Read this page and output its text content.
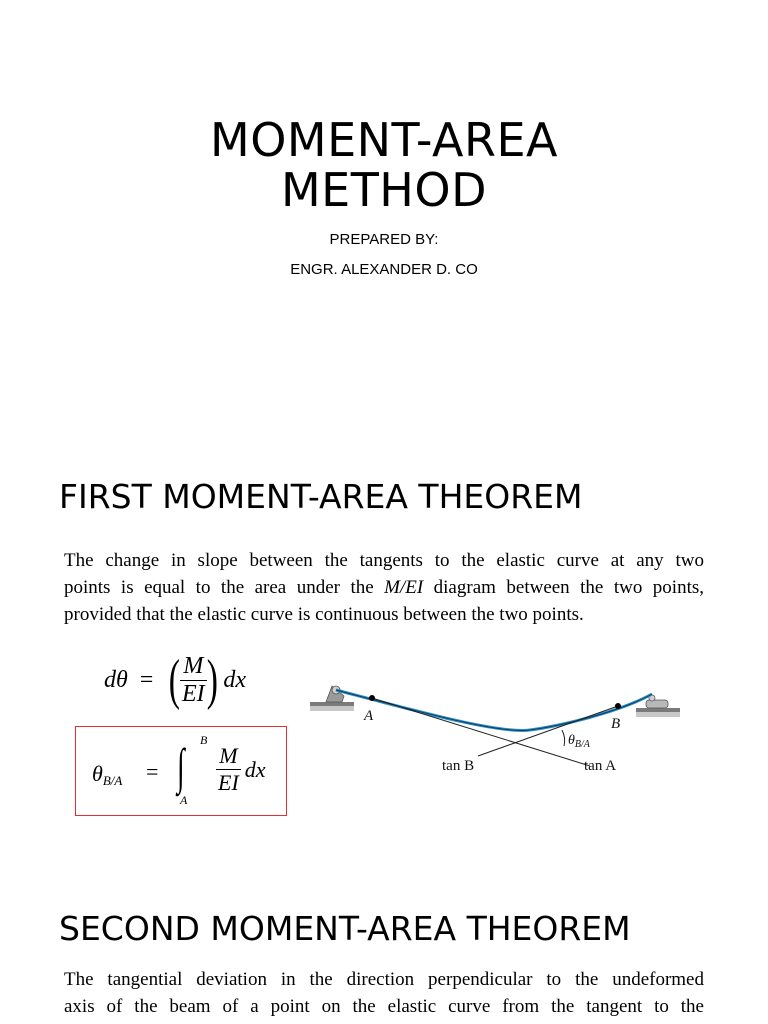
MOMENT-AREA
METHOD
PREPARED BY:
ENGR. ALEXANDER D. CO
FIRST MOMENT-AREA THEOREM
The change in slope between the tangents to the elastic curve at any two
points is equal to the area under the M/EI diagram between the two points,
provided that the elastic curve is continuous between the two points.
dθ = ( $\frac{M}{EI}$ ) dx
θB/A = ∫ B
A
$\frac{M}{EI}$ dx
A	B
$\theta_{B/A}$
tan B	tan A
SECOND MOMENT-AREA THEOREM
The tangential deviation in the direction perpendicular to the undeformed
axis of the beam of a point on the elastic curve from the tangent to the
